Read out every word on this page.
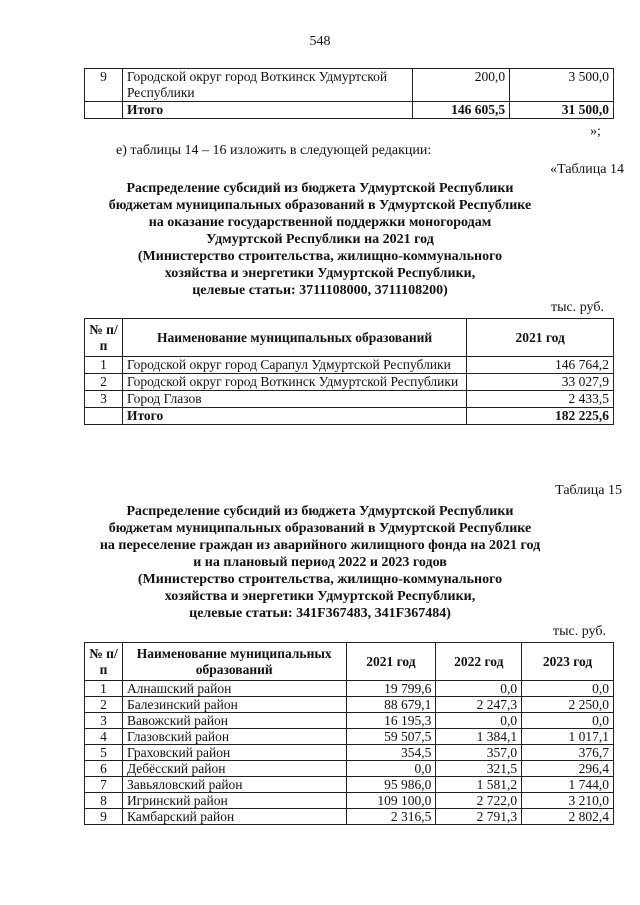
548
9	Городской округ город Воткинск Удмуртской Республики	200,0	3 500,0
	Итого	146 605,5	31 500,0
»;
е) таблицы 14 – 16 изложить в следующей редакции:
«Таблица 14
Распределение субсидий из бюджета Удмуртской Республики
бюджетам муниципальных образований в Удмуртской Республике
на оказание государственной поддержки моногородам
Удмуртской Республики на 2021 год
(Министерство строительства, жилищно-коммунального
хозяйства и энергетики Удмуртской Республики,
целевые статьи: 3711108000, 3711108200)
тыс. руб.
№ п/п	Наименование муниципальных образований	2021 год
1	Городской округ город Сарапул Удмуртской Республики	146 764,2
2	Городской округ город Воткинск Удмуртской Республики	33 027,9
3	Город Глазов	2 433,5
	Итого	182 225,6
Таблица 15
Распределение субсидий из бюджета Удмуртской Республики
бюджетам муниципальных образований в Удмуртской Республике
на переселение граждан из аварийного жилищного фонда на 2021 год
и на плановый период 2022 и 2023 годов
(Министерство строительства, жилищно-коммунального
хозяйства и энергетики Удмуртской Республики,
целевые статьи: 341F367483, 341F367484)
тыс. руб.
№ п/п	Наименование муниципальных образований	2021 год	2022 год	2023 год
1	Алнашский район	19 799,6	0,0	0,0
2	Балезинский район	88 679,1	2 247,3	2 250,0
3	Вавожский район	16 195,3	0,0	0,0
4	Глазовский район	59 507,5	1 384,1	1 017,1
5	Граховский район	354,5	357,0	376,7
6	Дебёсский район	0,0	321,5	296,4
7	Завьяловский район	95 986,0	1 581,2	1 744,0
8	Игринский район	109 100,0	2 722,0	3 210,0
9	Камбарский район	2 316,5	2 791,3	2 802,4
